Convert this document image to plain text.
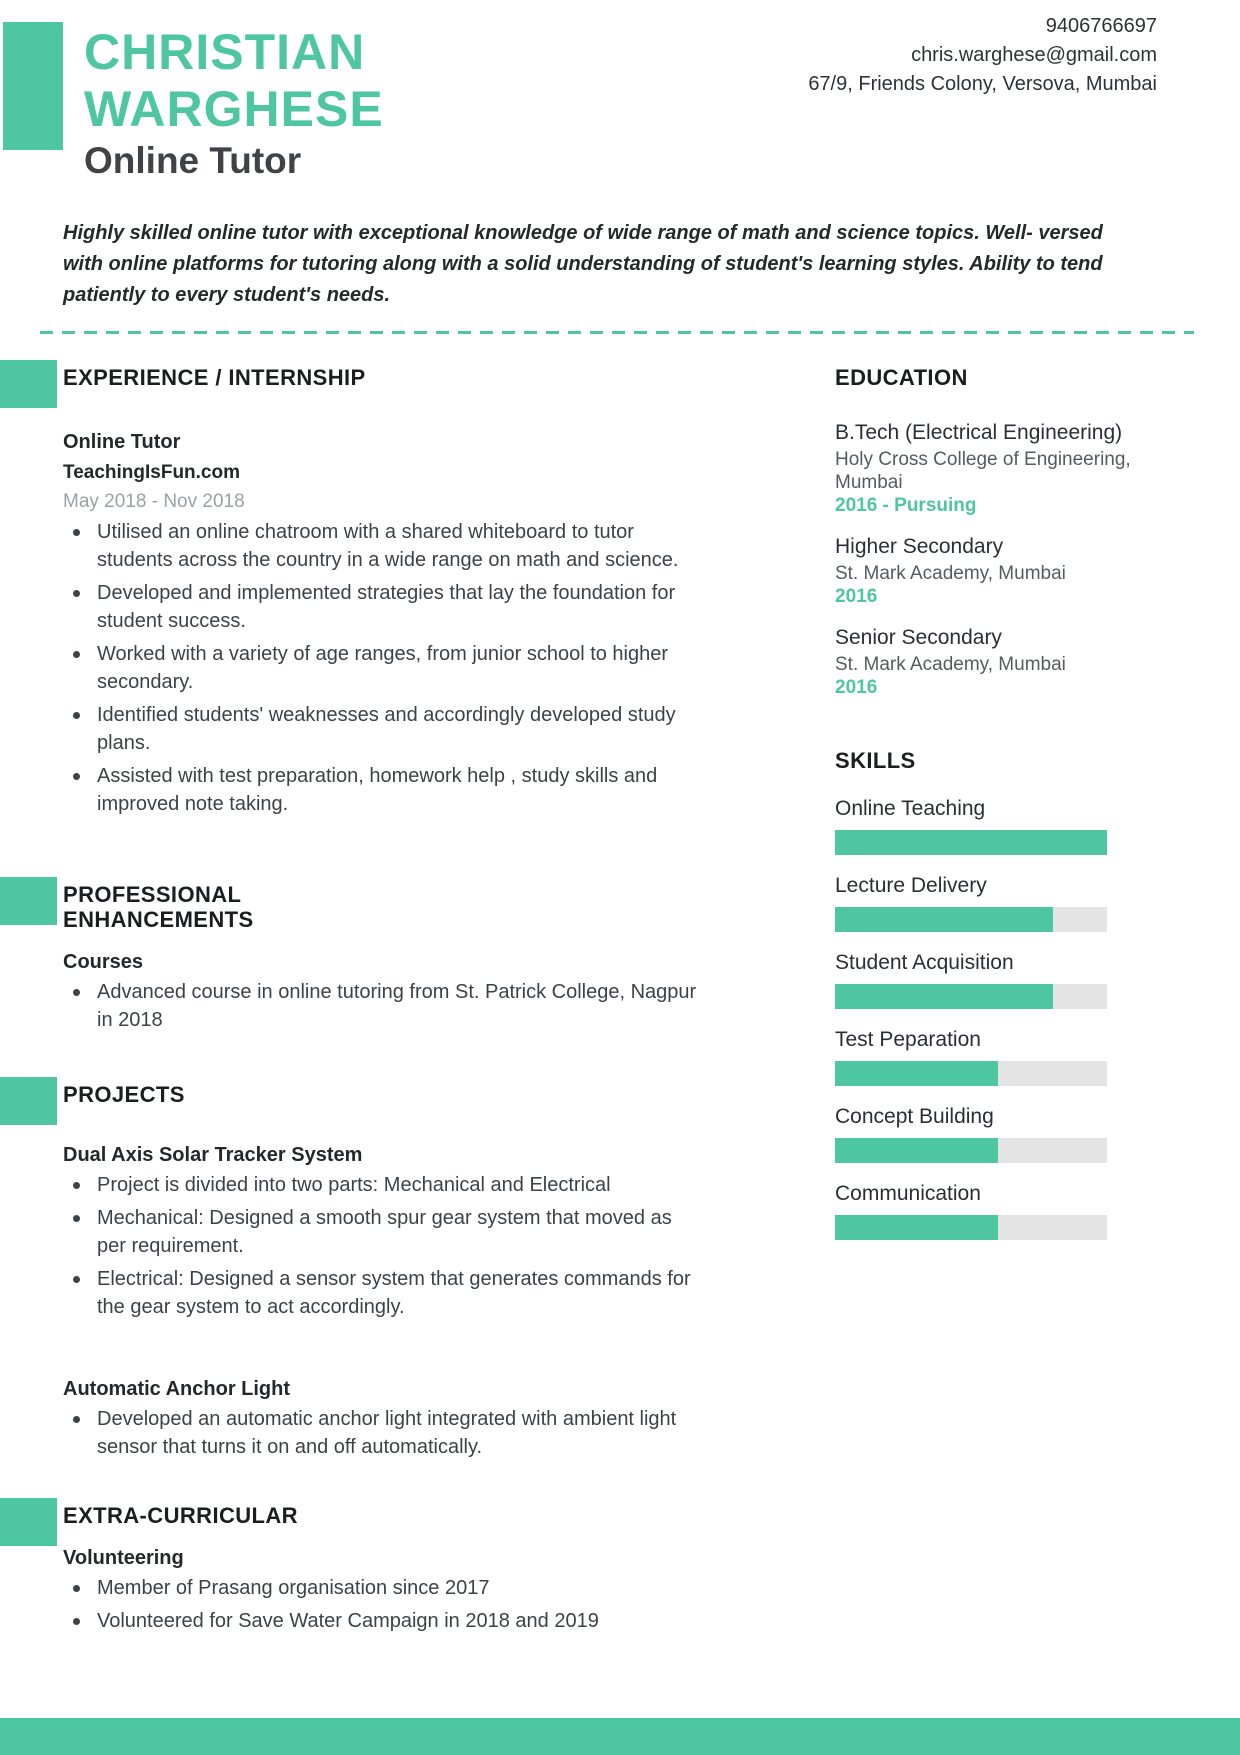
CHRISTIAN
WARGHESE
Online Tutor
9406766697
chris.warghese@gmail.com
67/9, Friends Colony, Versova, Mumbai
Highly skilled online tutor with exceptional knowledge of wide range of math and science topics. Well- versed with online platforms for tutoring along with a solid understanding of student's learning styles. Ability to tend patiently to every student's needs.
EXPERIENCE / INTERNSHIP
Online Tutor
TeachingIsFun.com
May 2018 - Nov 2018
Utilised an online chatroom with a shared whiteboard to tutor students across the country in a wide range on math and science.
Developed and implemented strategies that lay the foundation for student success.
Worked with a variety of age ranges, from junior school to higher secondary.
Identified students' weaknesses and accordingly developed study plans.
Assisted with test preparation, homework help , study skills and improved note taking.
PROFESSIONAL ENHANCEMENTS
Courses
Advanced course in online tutoring from St. Patrick College, Nagpur in 2018
PROJECTS
Dual Axis Solar Tracker System
Project is divided into two parts: Mechanical and Electrical
Mechanical: Designed a smooth spur gear system that moved as per requirement.
Electrical: Designed a sensor system that generates commands for the gear system to act accordingly.
Automatic Anchor Light
Developed an automatic anchor light integrated with ambient light sensor that turns it on and off automatically.
EXTRA-CURRICULAR
Volunteering
Member of Prasang organisation since 2017
Volunteered for Save Water Campaign in 2018 and 2019
EDUCATION
B.Tech (Electrical Engineering)
Holy Cross College of Engineering, Mumbai
2016 - Pursuing
Higher Secondary
St. Mark Academy, Mumbai
2016
Senior Secondary
St. Mark Academy, Mumbai
2016
SKILLS
Online Teaching
Lecture Delivery
Student Acquisition
Test Peparation
Concept Building
Communication
